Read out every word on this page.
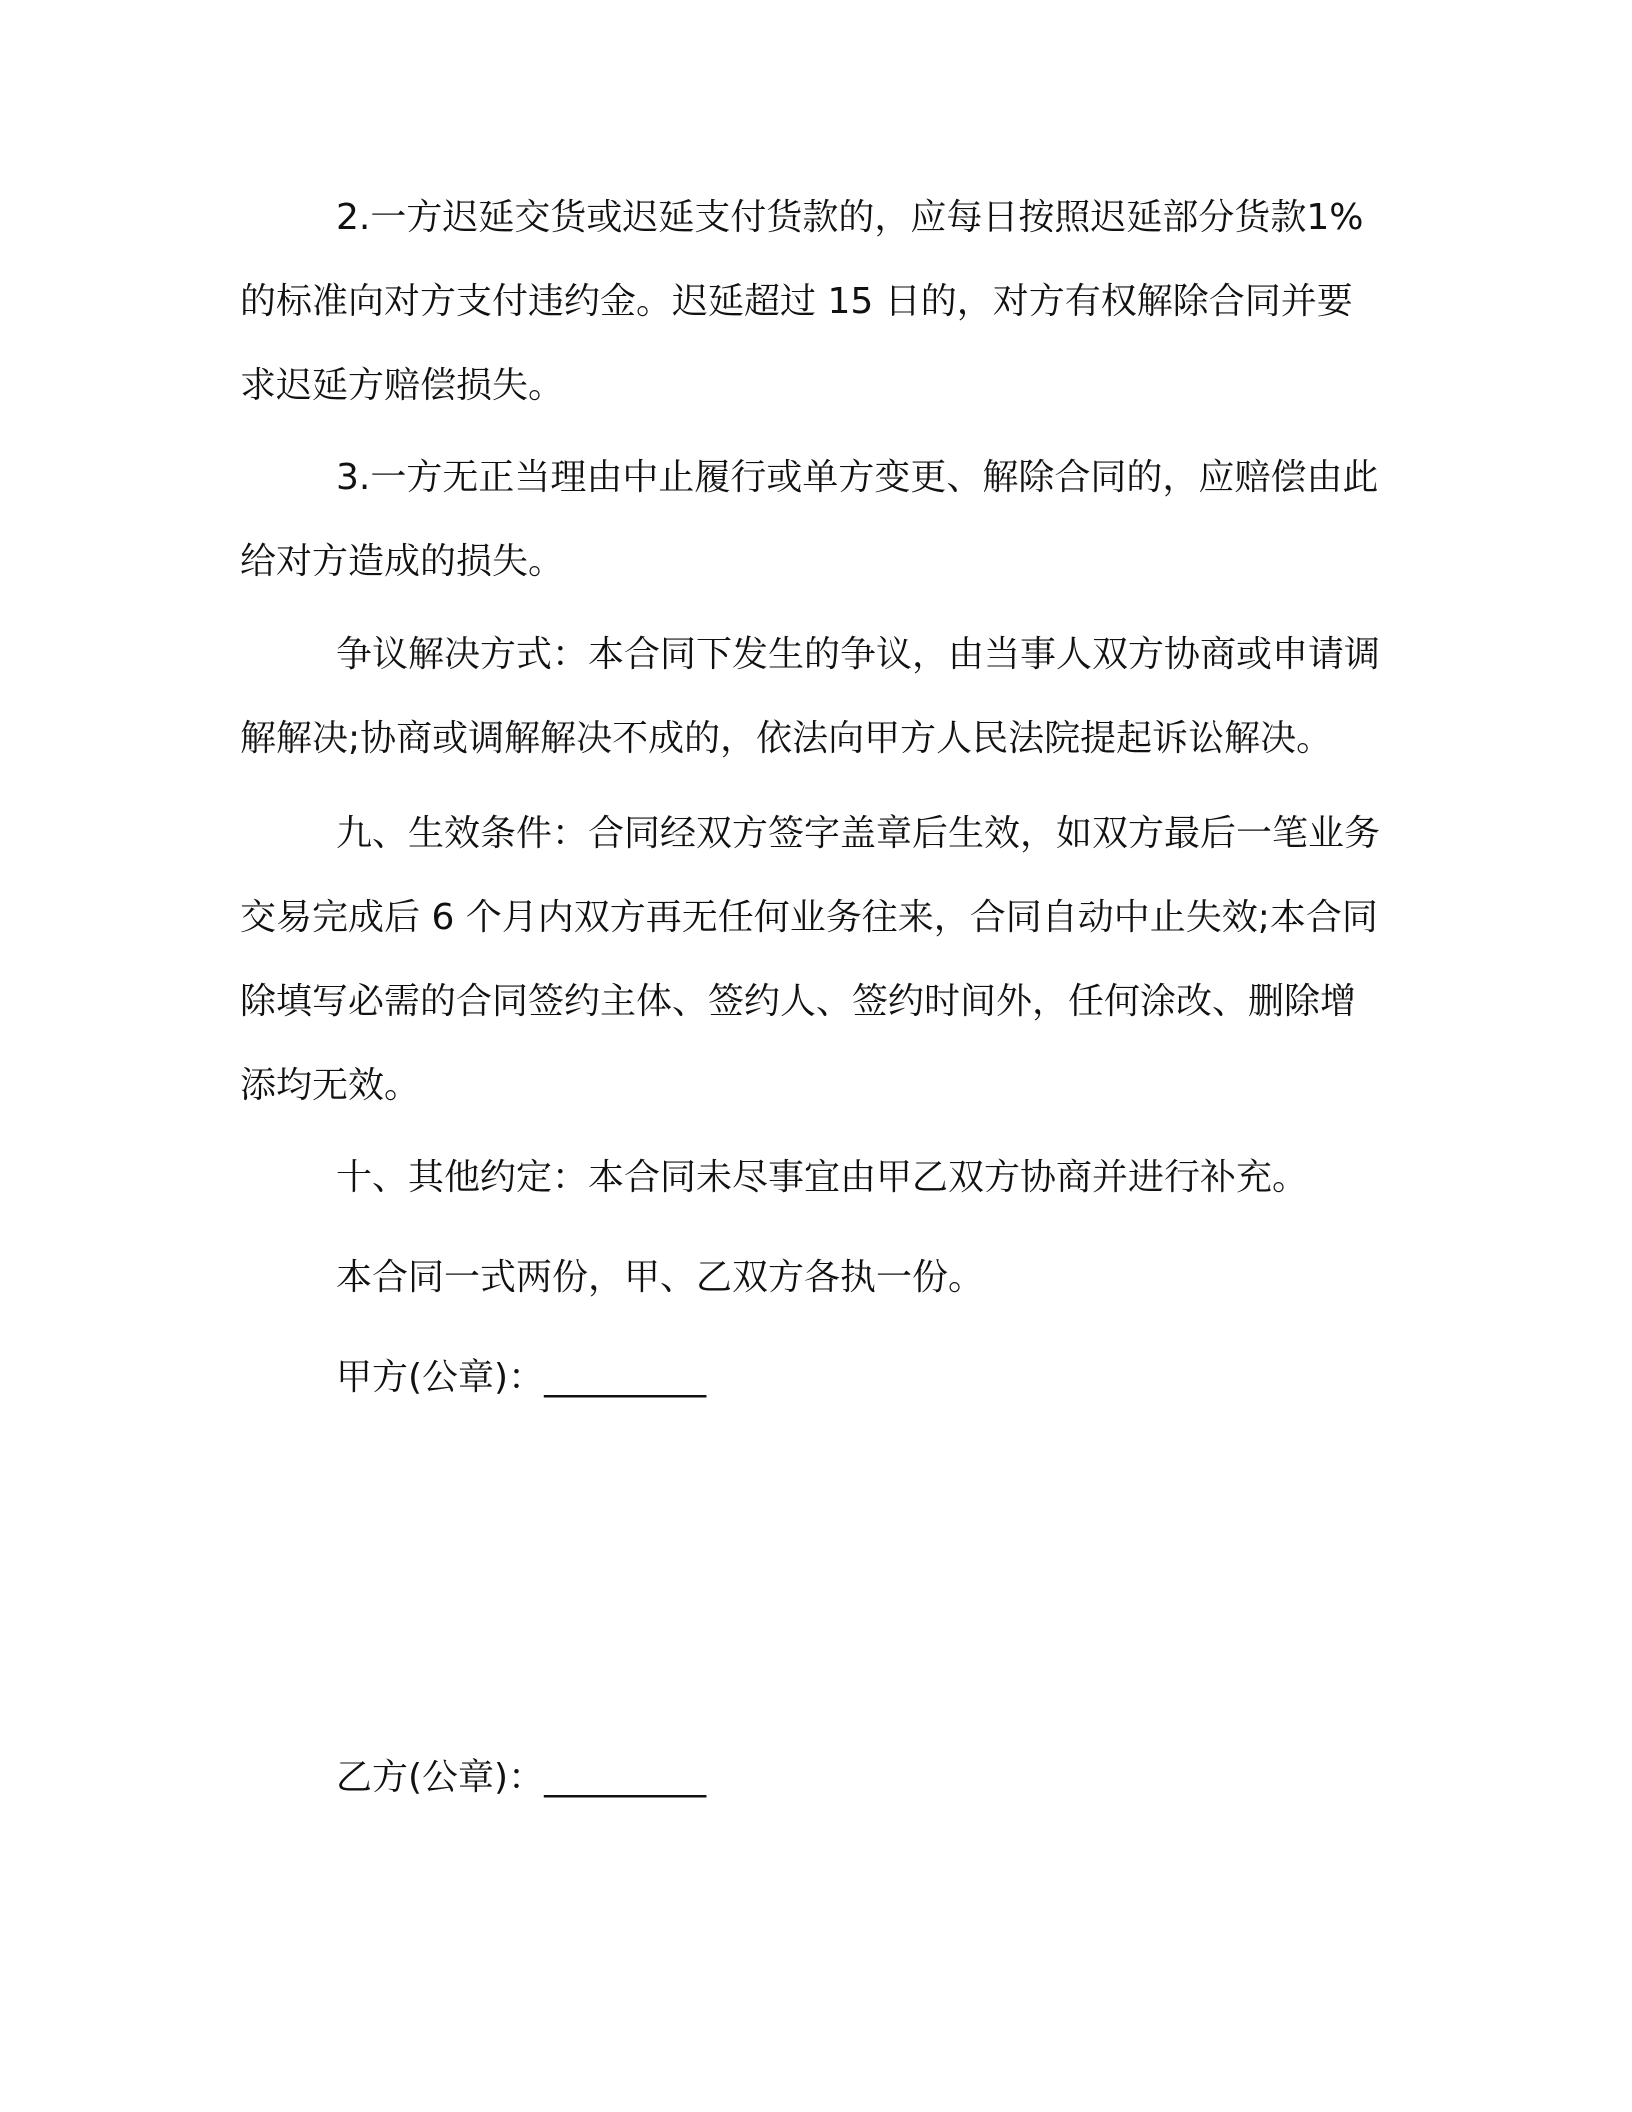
2.一方迟延交货或迟延支付货款的，应每日按照迟延部分货款1%的标准向对方支付违约金。迟延超过 15 日的，对方有权解除合同并要求迟延方赔偿损失。

3.一方无正当理由中止履行或单方变更、解除合同的，应赔偿由此给对方造成的损失。

争议解决方式：本合同下发生的争议，由当事人双方协商或申请调解解决;协商或调解解决不成的，依法向甲方人民法院提起诉讼解决。

九、生效条件：合同经双方签字盖章后生效，如双方最后一笔业务交易完成后 6 个月内双方再无任何业务往来，合同自动中止失效;本合同除填写必需的合同签约主体、签约人、签约时间外，任何涂改、删除增添均无效。

十、其他约定：本合同未尽事宜由甲乙双方协商并进行补充。

本合同一式两份，甲、乙双方各执一份。

甲方(公章)：_________

乙方(公章)：_________
